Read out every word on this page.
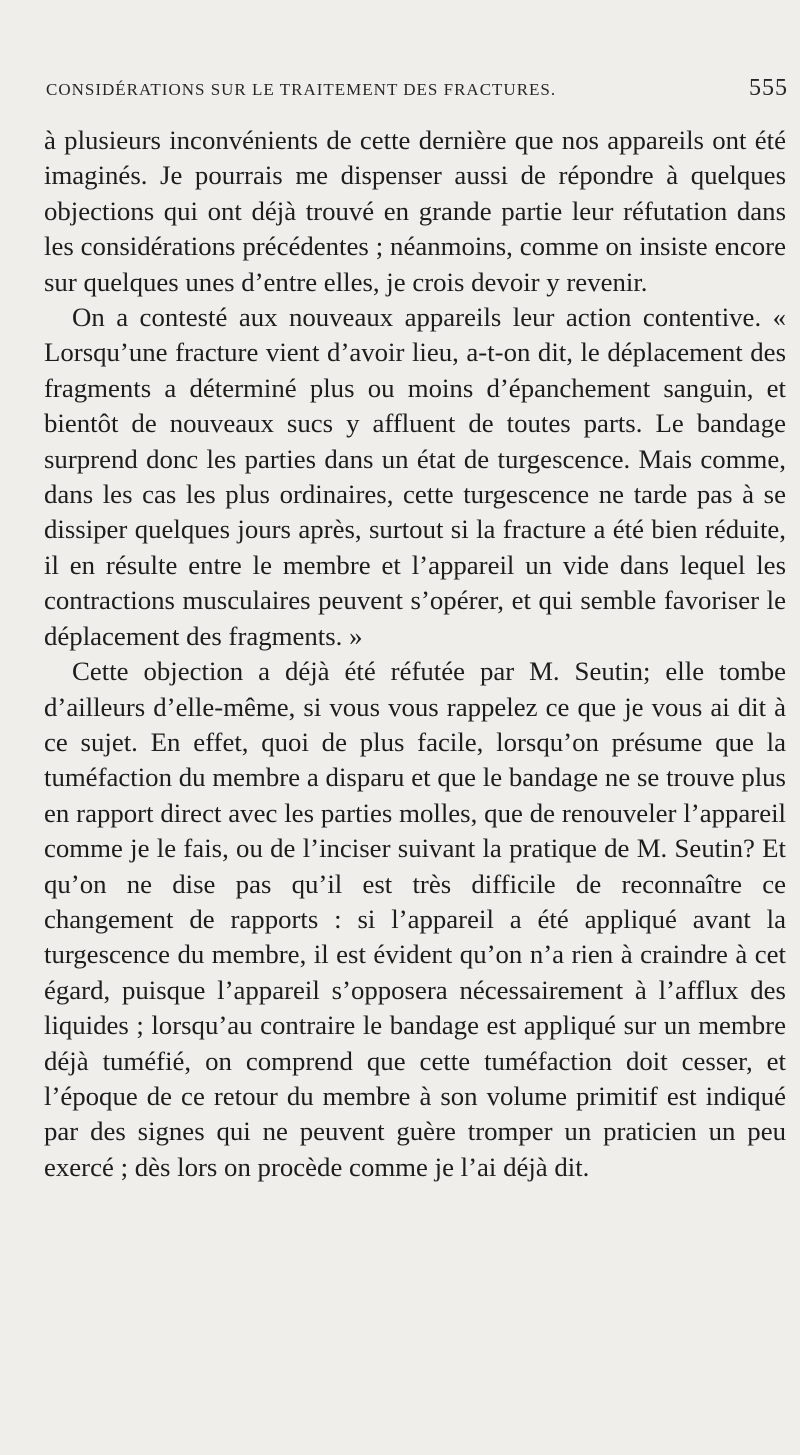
CONSIDÉRATIONS SUR LE TRAITEMENT DES FRACTURES.	555

à plusieurs inconvénients de cette dernière que nos appareils ont été imaginés. Je pourrais me dispenser aussi de répondre à quelques objections qui ont déjà trouvé en grande partie leur réfutation dans les considérations précédentes ; néanmoins, comme on insiste encore sur quelques unes d’entre elles, je crois devoir y revenir.

On a contesté aux nouveaux appareils leur action contentive. « Lorsqu’une fracture vient d’avoir lieu, a-t-on dit, le déplacement des fragments a déterminé plus ou moins d’épanchement sanguin, et bientôt de nouveaux sucs y affluent de toutes parts. Le bandage surprend donc les parties dans un état de turgescence. Mais comme, dans les cas les plus ordinaires, cette turgescence ne tarde pas à se dissiper quelques jours après, surtout si la fracture a été bien réduite, il en résulte entre le membre et l’appareil un vide dans lequel les contractions musculaires peuvent s’opérer, et qui semble favoriser le déplacement des fragments. »

Cette objection a déjà été réfutée par M. Seutin; elle tombe d’ailleurs d’elle-même, si vous vous rappelez ce que je vous ai dit à ce sujet. En effet, quoi de plus facile, lorsqu’on présume que la tuméfaction du membre a disparu et que le bandage ne se trouve plus en rapport direct avec les parties molles, que de renouveler l’appareil comme je le fais, ou de l’inciser suivant la pratique de M. Seutin? Et qu’on ne dise pas qu’il est très difficile de reconnaître ce changement de rapports : si l’appareil a été appliqué avant la turgescence du membre, il est évident qu’on n’a rien à craindre à cet égard, puisque l’appareil s’opposera nécessairement à l’afflux des liquides ; lorsqu’au contraire le bandage est appliqué sur un membre déjà tuméfié, on comprend que cette tuméfaction doit cesser, et l’époque de ce retour du membre à son volume primitif est indiqué par des signes qui ne peuvent guère tromper un praticien un peu exercé ; dès lors on procède comme je l’ai déjà dit.
